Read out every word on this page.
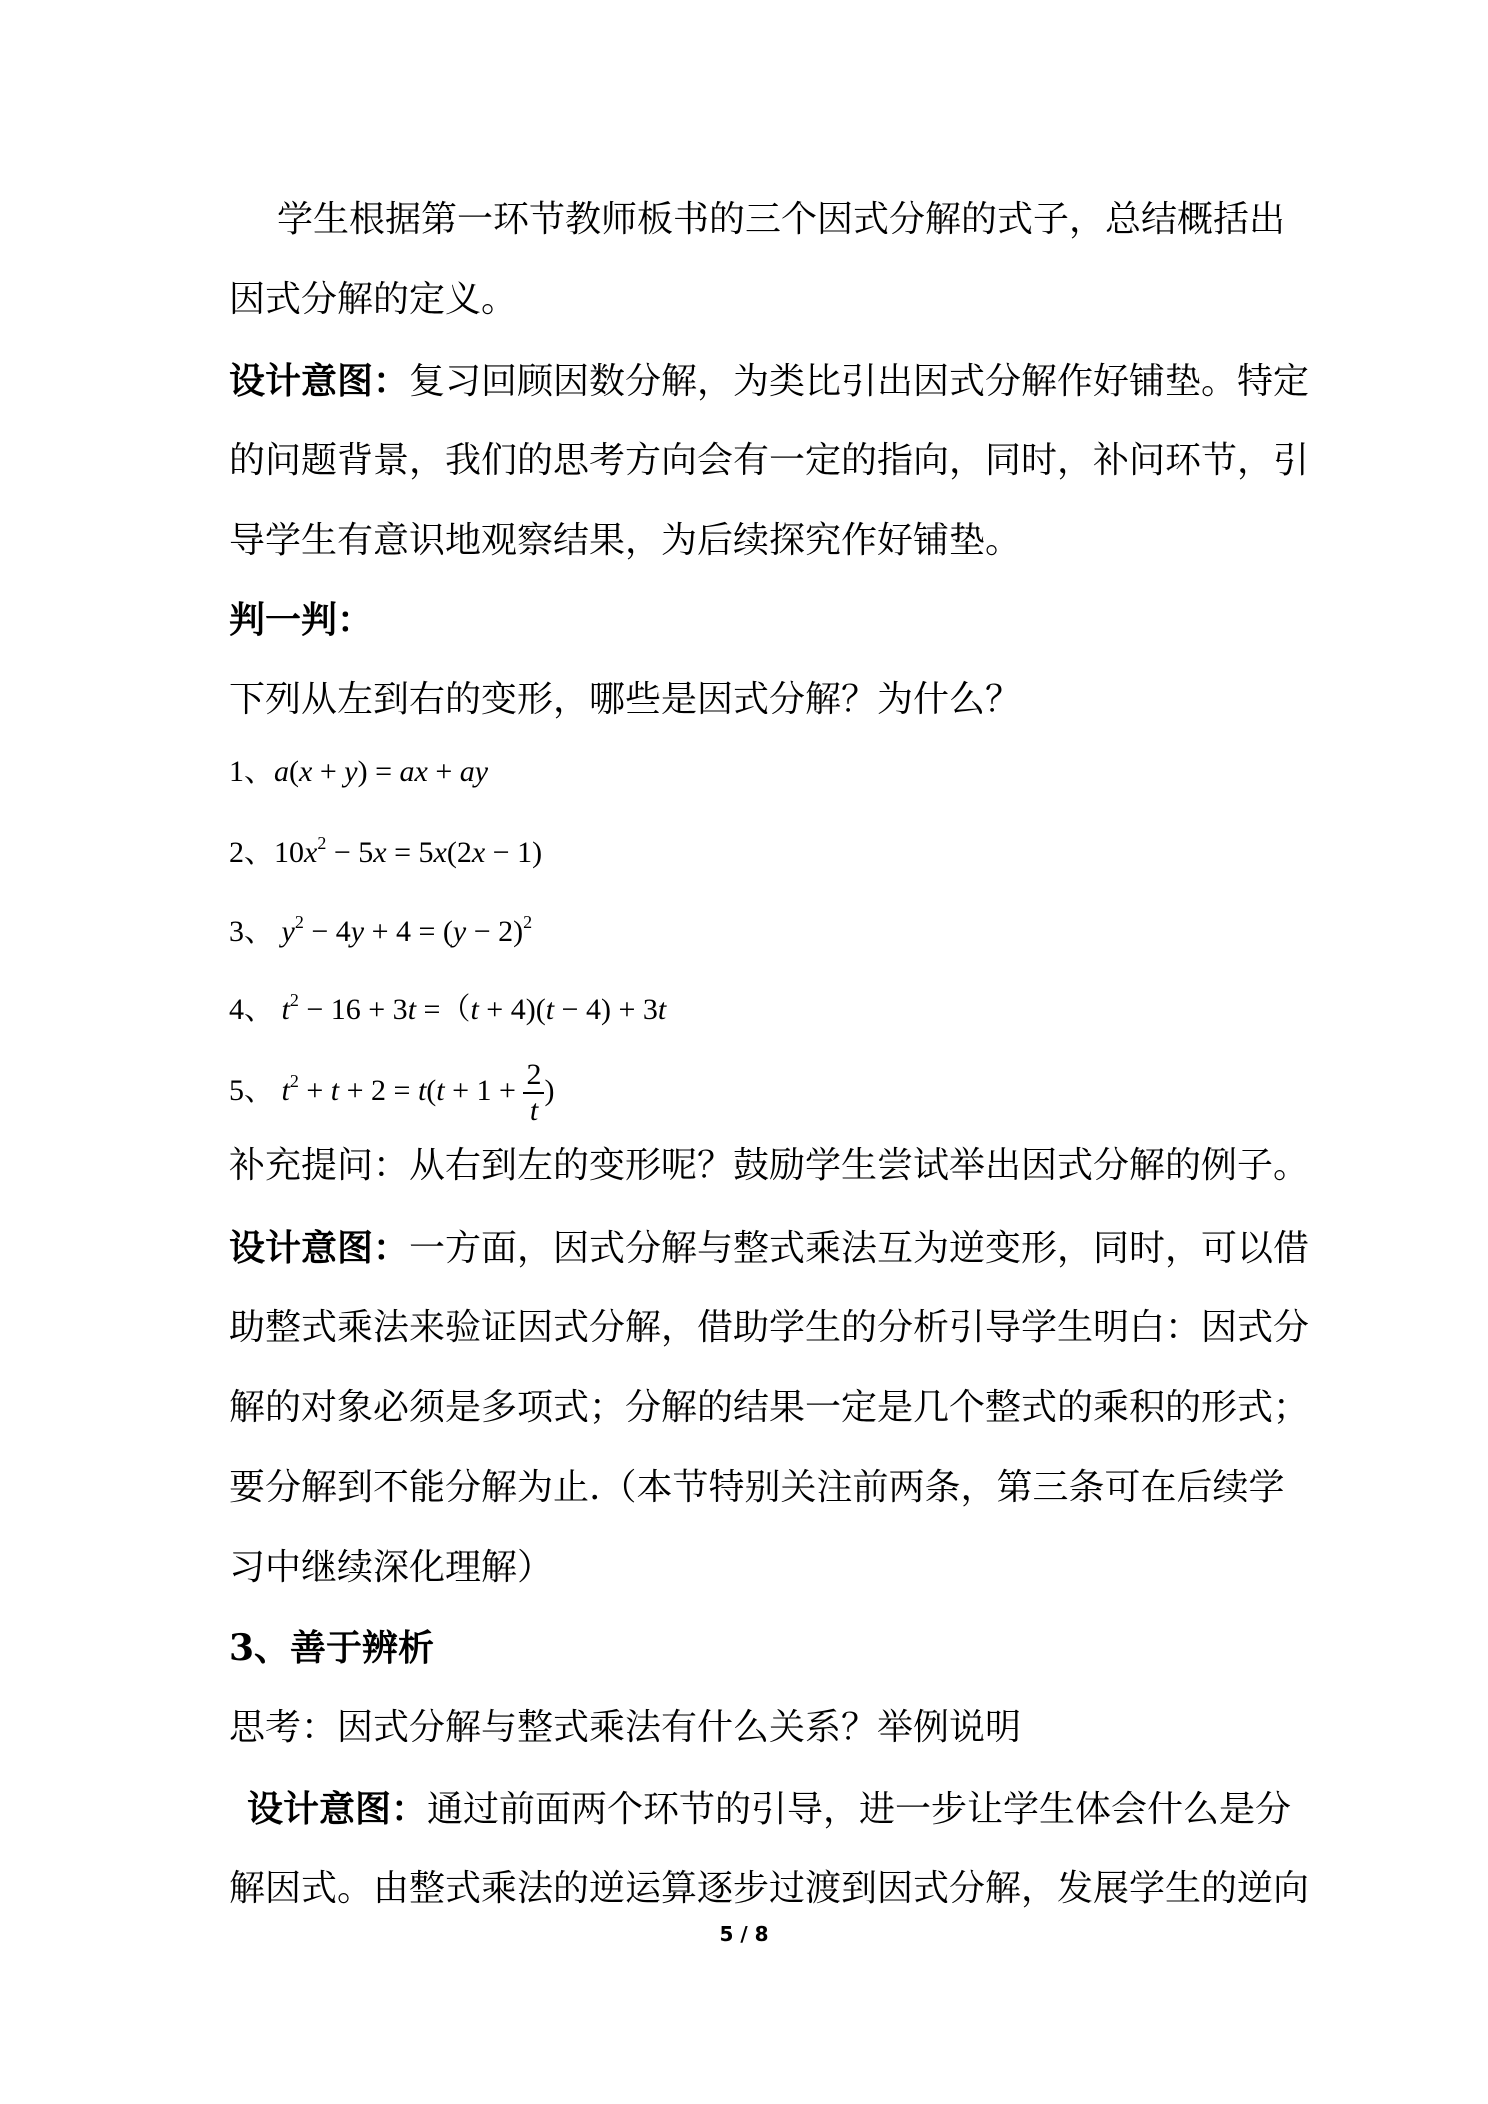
学生根据第一环节教师板书的三个因式分解的式子，总结概括出
因式分解的定义。
设计意图：复习回顾因数分解，为类比引出因式分解作好铺垫。特定
的问题背景，我们的思考方向会有一定的指向，同时，补问环节，引
导学生有意识地观察结果，为后续探究作好铺垫。
判一判：
下列从左到右的变形，哪些是因式分解？为什么？
1、a(x + y) = ax + ay
2、$10x^2 - 5x = 5x(2x - 1)$
3、 $y^2 - 4y + 4 = (y - 2)^2$
4、 $t^2 - 16 + 3t =(t + 4)(t - 4) + 3t$
5、 $t^2 + t + 2 = t(t + 1 + \frac{2}{t}$ )
补充提问：从右到左的变形呢？鼓励学生尝试举出因式分解的例子。
设计意图：一方面，因式分解与整式乘法互为逆变形，同时，可以借
助整式乘法来验证因式分解，借助学生的分析引导学生明白：因式分
解的对象必须是多项式；分解的结果一定是几个整式的乘积的形式；
要分解到不能分解为止.（本节特别关注前两条，第三条可在后续学
习中继续深化理解）
3、善于辨析
思考：因式分解与整式乘法有什么关系？举例说明
设计意图：通过前面两个环节的引导，进一步让学生体会什么是分
解因式。由整式乘法的逆运算逐步过渡到因式分解，发展学生的逆向
5 / 8
